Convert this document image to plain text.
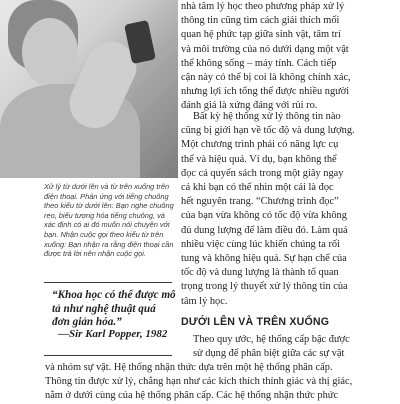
Xử lý từ dưới lên và từ trên xuống trên điện thoại. Phản ứng với tiếng chuông theo kiểu từ dưới lên: Bạn nghe chuông reo, biểu tượng hóa tiếng chuông, và xác định có ai đó muốn nói chuyện với bạn. Nhận cuộc gọi theo kiểu từ trên xuống: Bạn nhận ra rằng điện thoại cần được trả lời nên nhận cuộc gọi.

“Khoa học có thể được mô tả như nghệ thuật quá đơn giản hóa.”

—Sir Karl Popper, 1982

nhà tâm lý học theo phương pháp xử lý
thông tin cũng tìm cách giải thích mối
quan hệ phức tạp giữa sinh vật, tâm trí
và môi trường của nó dưới dạng một vật
thể không sống – máy tính. Cách tiếp
cận này có thể bị coi là không chính xác,
nhưng lợi ích tổng thể được nhiều người
đánh giá là xứng đáng với rủi ro.

Bất kỳ hệ thống xử lý thông tin nào
cũng bị giới hạn về tốc độ và dung lượng.
Một chương trình phải có năng lực cụ
thể và hiệu quả. Ví dụ, bạn không thể
đọc cả quyển sách trong một giây ngay
cả khi bạn có thể nhìn một cái là đọc
hết nguyên trang. “Chương trình đọc”
của bạn vừa không có tốc độ vừa không
đủ dung lượng để làm điều đó. Làm quá
nhiều việc cùng lúc khiến chúng ta rối
tung và không hiệu quả. Sự hạn chế của
tốc độ và dung lượng là thành tố quan
trọng trong lý thuyết xử lý thông tin của
tâm lý học.

DƯỚI LÊN VÀ TRÊN XUỐNG

Theo quy ước, hệ thống cấp bậc được
sử dụng để phân biệt giữa các sự vật

và nhóm sự vật. Hệ thống nhận thức dựa trên một hệ thống phân cấp.
Thông tin được xử lý, chẳng hạn như các kích thích thính giác và thị giác,
nằm ở dưới cùng của hệ thống phân cấp. Các hệ thống nhận thức phức
